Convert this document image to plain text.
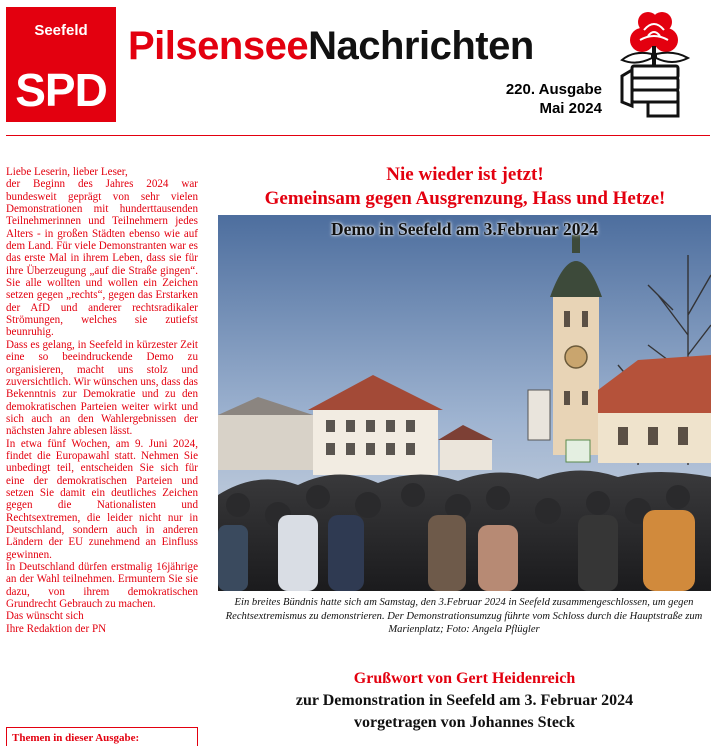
Seefeld
SPD
PilsenseeNachrichten
220. Ausgabe
Mai 2024

Liebe Leserin, lieber Leser,

der Beginn des Jahres 2024 war bundesweit geprägt von sehr vielen Demonstrationen mit hunderttausenden Teilnehmerinnen und Teilnehmern jedes Alters - in großen Städten ebenso wie auf dem Land. Für viele Demonstranten war es das erste Mal in ihrem Leben, dass sie für ihre Überzeugung „auf die Straße gingen“. Sie alle wollten und wollen ein Zeichen setzen gegen „rechts“, gegen das Erstarken der AfD und anderer rechtsradikaler Strömungen, welches sie zutiefst beunruhig.

Dass es gelang, in Seefeld in kürzester Zeit eine so beeindruckende Demo zu organisieren, macht uns stolz und zuversichtlich. Wir wünschen uns, dass das Bekenntnis zur Demokratie und zu den demokratischen Parteien weiter wirkt und sich auch an den Wahlergebnissen der nächsten Jahre ablesen lässt.

In etwa fünf Wochen, am 9. Juni 2024, findet die Europawahl statt. Nehmen Sie unbedingt teil, entscheiden Sie sich für eine der demokratischen Parteien und setzen Sie damit ein deutliches Zeichen gegen die Nationalisten und Rechtsextremen, die leider nicht nur in Deutschland, sondern auch in anderen Ländern der EU zunehmend an Einfluss gewinnen.

In Deutschland dürfen erstmalig 16jährige an der Wahl teilnehmen. Ermuntern Sie sie dazu, von ihrem demokratischen Grundrecht Gebrauch zu machen.

Das wünscht sich

Ihre Redaktion der PN

Themen in dieser Ausgabe:
Nie wieder ist jetzt!
Gemeinsam gegen Ausgrenzung, Hass und Hetze!
Demo in Seefeld am 3.Februar 2024
Ein breites Bündnis hatte sich am Samstag, den 3.Februar 2024 in Seefeld zusammengeschlossen, um gegen Rechtsextremismus zu demonstrieren. Der Demonstrationsumzug führte vom Schloss durch die Hauptstraße zum Marienplatz; Foto: Angela Pflügler
Grußwort von Gert Heidenreich
zur Demonstration in Seefeld am 3. Februar 2024
vorgetragen von Johannes Steck
